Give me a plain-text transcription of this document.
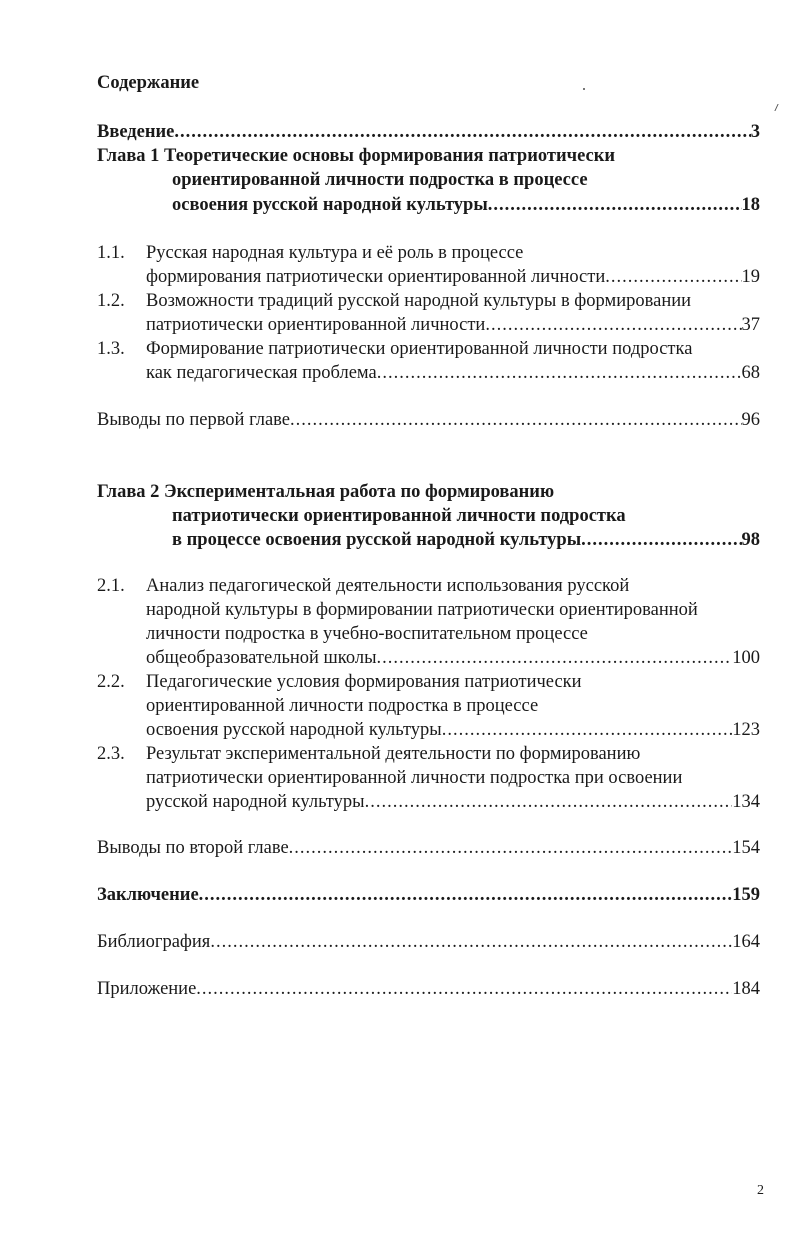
Содержание
Введение .....	3
Глава 1 Теоретические основы формирования патриотически
ориентированной личности подростка в процессе
освоения русской народной культуры .....	18
1.1. Русская народная культура и её роль в процессе
формирования патриотически ориентированной личности .....	19
1.2. Возможности традиций русской народной культуры в формировании
патриотически ориентированной личности .....	37
1.3. Формирование патриотически ориентированной личности подростка
как педагогическая проблема .....	68
Выводы по первой главе .....	96
Глава 2 Экспериментальная работа по формированию
патриотически ориентированной личности подростка
в процессе освоения русской народной культуры .....	98
2.1. Анализ педагогической деятельности использования русской
народной культуры в формировании патриотически ориентированной
личности подростка в учебно-воспитательном процессе
общеобразовательной школы .....	100
2.2. Педагогические условия формирования патриотически
ориентированной личности подростка в процессе
освоения русской народной культуры .....	123
2.3. Результат экспериментальной деятельности по формированию
патриотически ориентированной личности подростка при освоении
русской народной культуры .....	134
Выводы по второй главе .....	154
Заключение .....	159
Библиография .....	164
Приложение .....	184
2
